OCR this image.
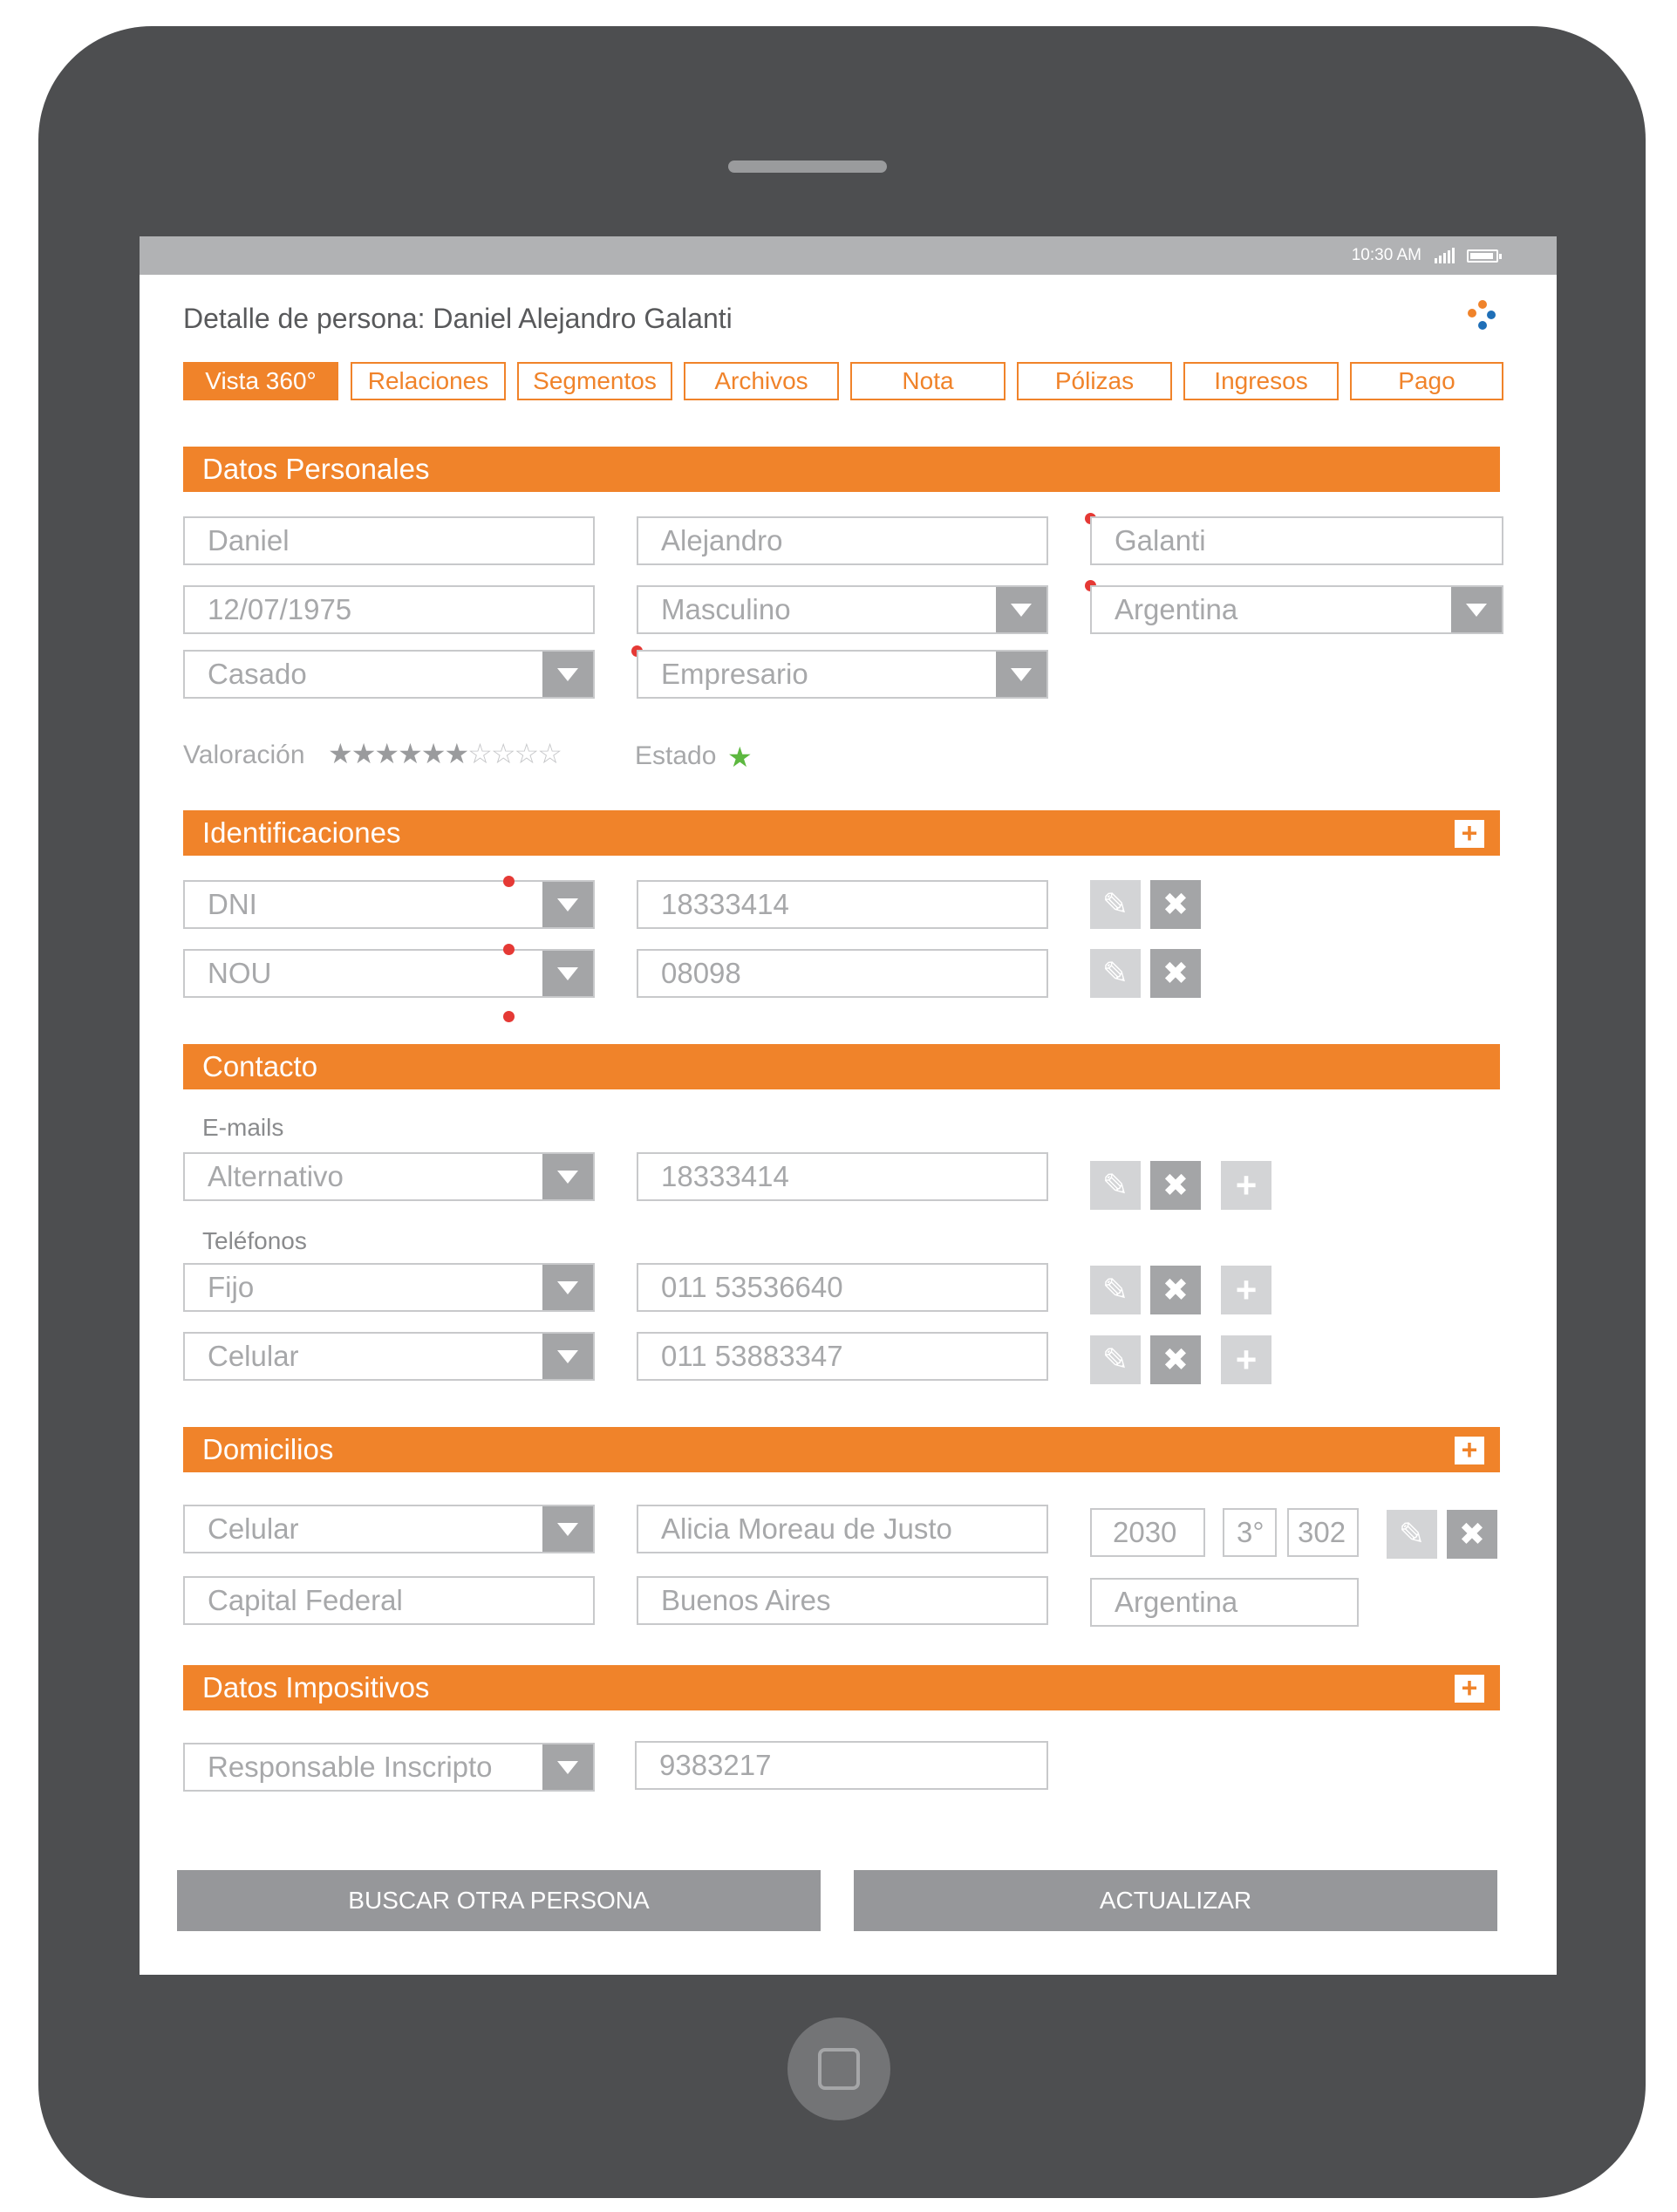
10:30 AM
Detalle de persona: Daniel Alejandro Galanti
Vista 360°	Relaciones	Segmentos	Archivos	Nota	Pólizas	Ingresos	Pago
Datos Personales
Daniel	Alejandro	Galanti
12/07/1975	Masculino	Argentina
Casado	Empresario
Valoración ★★★★★★☆☆☆☆	Estado ★
Identificaciones	+
DNI	18333414	✎	✖
NOU	08098	✎	✖
Contacto
E-mails
Alternativo	18333414	✎	✖	+
Teléfonos
Fijo	011 53536640	✎	✖	+
Celular	011 53883347	✎	✖	+
Domicilios	+
Celular	Alicia Moreau de Justo	2030	3°	302	✎	✖
Capital Federal	Buenos Aires	Argentina
Datos Impositivos	+
Responsable Inscripto	9383217
BUSCAR OTRA PERSONA	ACTUALIZAR
